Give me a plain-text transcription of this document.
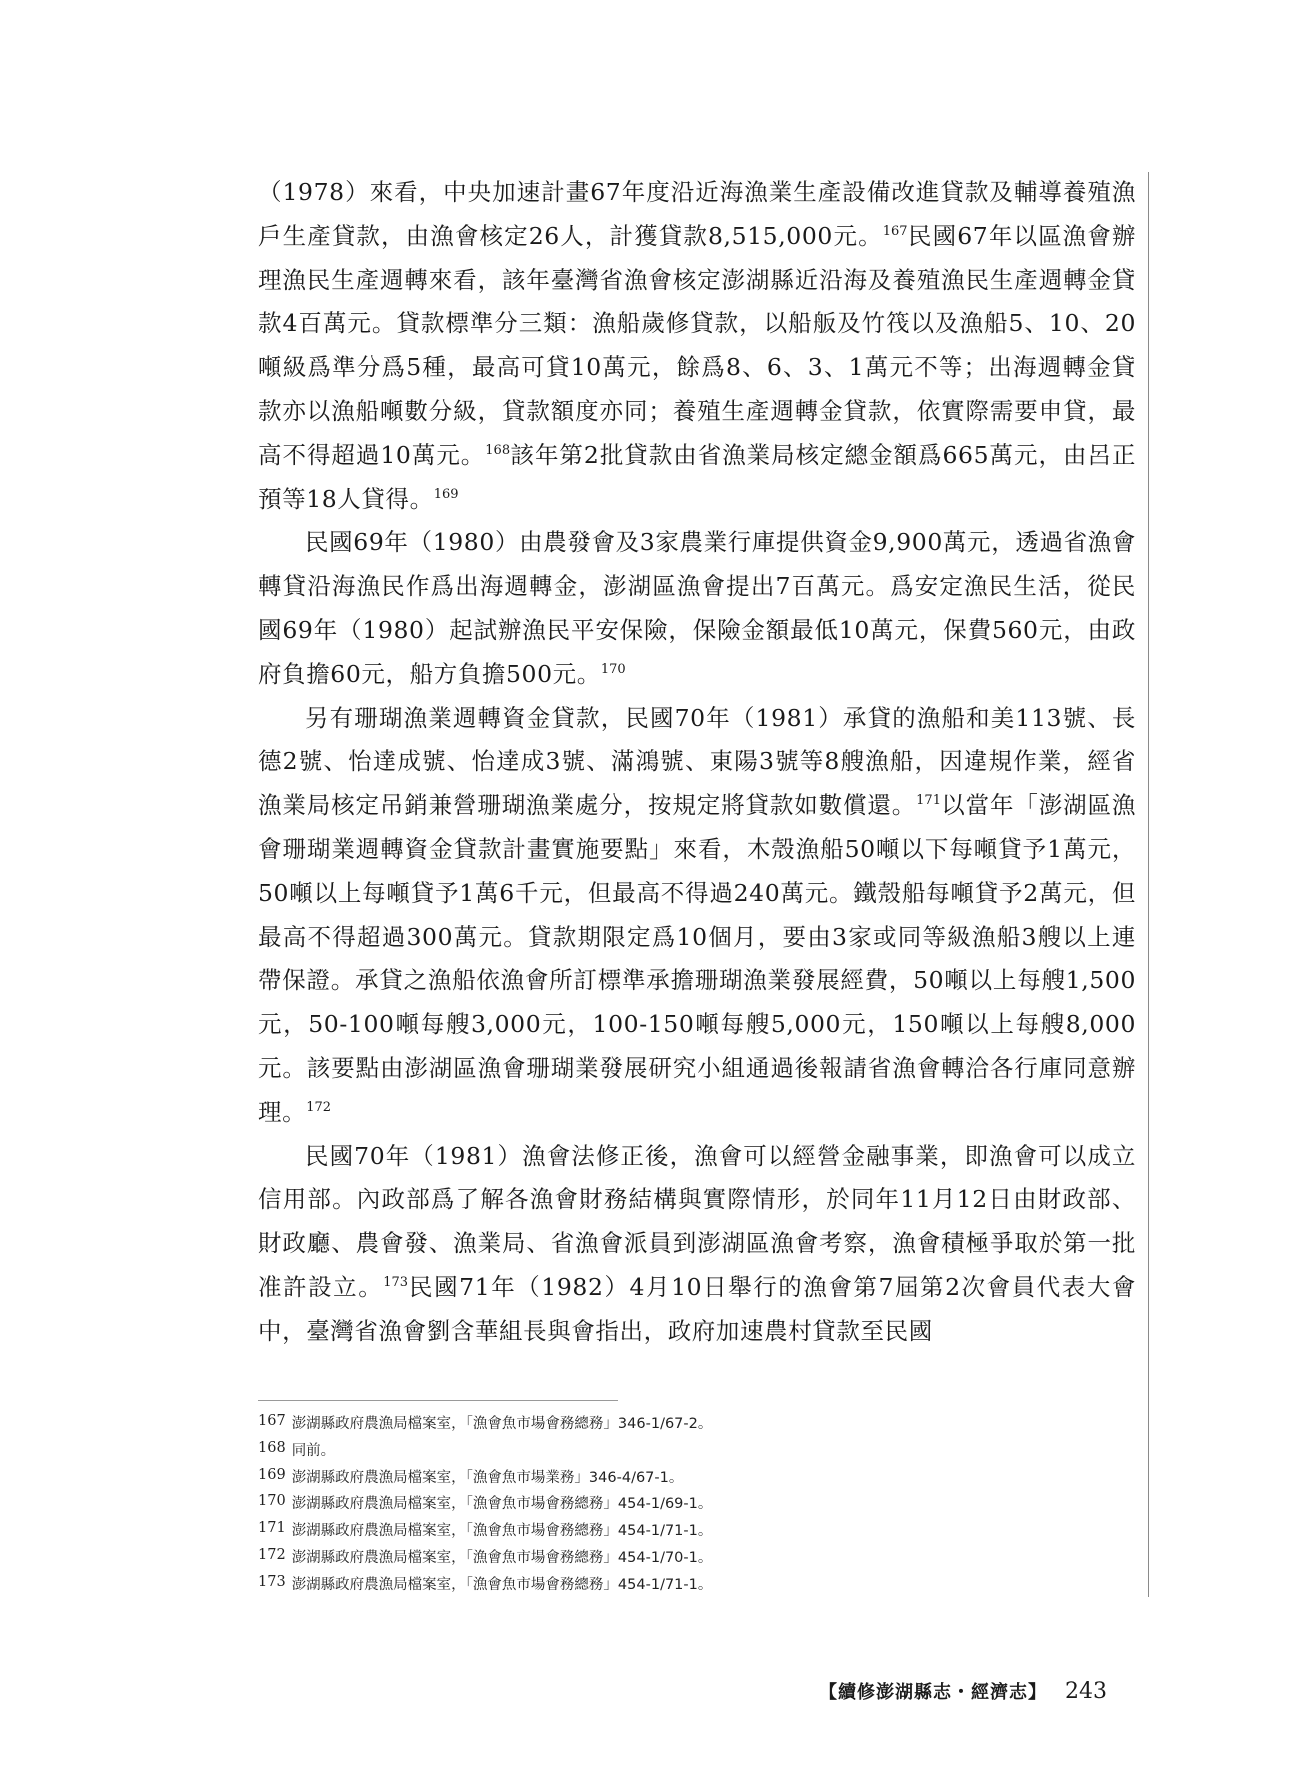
（1978）來看，中央加速計畫67年度沿近海漁業生產設備改進貸款及輔導養殖漁戶生產貸款，由漁會核定26人，計獲貸款8,515,000元。$^{167}$民國67年以區漁會辦理漁民生產週轉來看，該年臺灣省漁會核定澎湖縣近沿海及養殖漁民生產週轉金貸款4百萬元。貸款標準分三類：漁船歲修貸款，以船舨及竹筏以及漁船5、10、20噸級爲準分爲5種，最高可貸10萬元，餘爲8、6、3、1萬元不等；出海週轉金貸款亦以漁船噸數分級，貸款額度亦同；養殖生產週轉金貸款，依實際需要申貸，最高不得超過10萬元。$^{168}$該年第2批貸款由省漁業局核定總金額爲665萬元，由呂正預等18人貸得。$^{169}$

民國69年（1980）由農發會及3家農業行庫提供資金9,900萬元，透過省漁會轉貸沿海漁民作爲出海週轉金，澎湖區漁會提出7百萬元。爲安定漁民生活，從民國69年（1980）起試辦漁民平安保險，保險金額最低10萬元，保費560元，由政府負擔60元，船方負擔500元。$^{170}$

另有珊瑚漁業週轉資金貸款，民國70年（1981）承貸的漁船和美113號、長德2號、怡達成號、怡達成3號、滿鴻號、東陽3號等8艘漁船，因違規作業，經省漁業局核定吊銷兼營珊瑚漁業處分，按規定將貸款如數償還。$^{171}$以當年「澎湖區漁會珊瑚業週轉資金貸款計畫實施要點」來看，木殼漁船50噸以下每噸貸予1萬元，50噸以上每噸貸予1萬6千元，但最高不得過240萬元。鐵殼船每噸貸予2萬元，但最高不得超過300萬元。貸款期限定爲10個月，要由3家或同等級漁船3艘以上連帶保證。承貸之漁船依漁會所訂標準承擔珊瑚漁業發展經費，50噸以上每艘1,500元，50-100噸每艘3,000元，100-150噸每艘5,000元，150噸以上每艘8,000元。該要點由澎湖區漁會珊瑚業發展研究小組通過後報請省漁會轉洽各行庫同意辦理。$^{172}$

民國70年（1981）漁會法修正後，漁會可以經營金融事業，即漁會可以成立信用部。內政部爲了解各漁會財務結構與實際情形，於同年11月12日由財政部、財政廳、農會發、漁業局、省漁會派員到澎湖區漁會考察，漁會積極爭取於第一批准許設立。$^{173}$民國71年（1982）4月10日舉行的漁會第7屆第2次會員代表大會中，臺灣省漁會劉含華組長與會指出，政府加速農村貸款至民國

167 澎湖縣政府農漁局檔案室，「漁會魚市場會務總務」346-1/67-2。
168 同前。
169 澎湖縣政府農漁局檔案室，「漁會魚市場業務」346-4/67-1。
170 澎湖縣政府農漁局檔案室，「漁會魚市場會務總務」454-1/69-1。
171 澎湖縣政府農漁局檔案室，「漁會魚市場會務總務」454-1/71-1。
172 澎湖縣政府農漁局檔案室，「漁會魚市場會務總務」454-1/70-1。
173 澎湖縣政府農漁局檔案室，「漁會魚市場會務總務」454-1/71-1。
【續修澎湖縣志・經濟志】 243
